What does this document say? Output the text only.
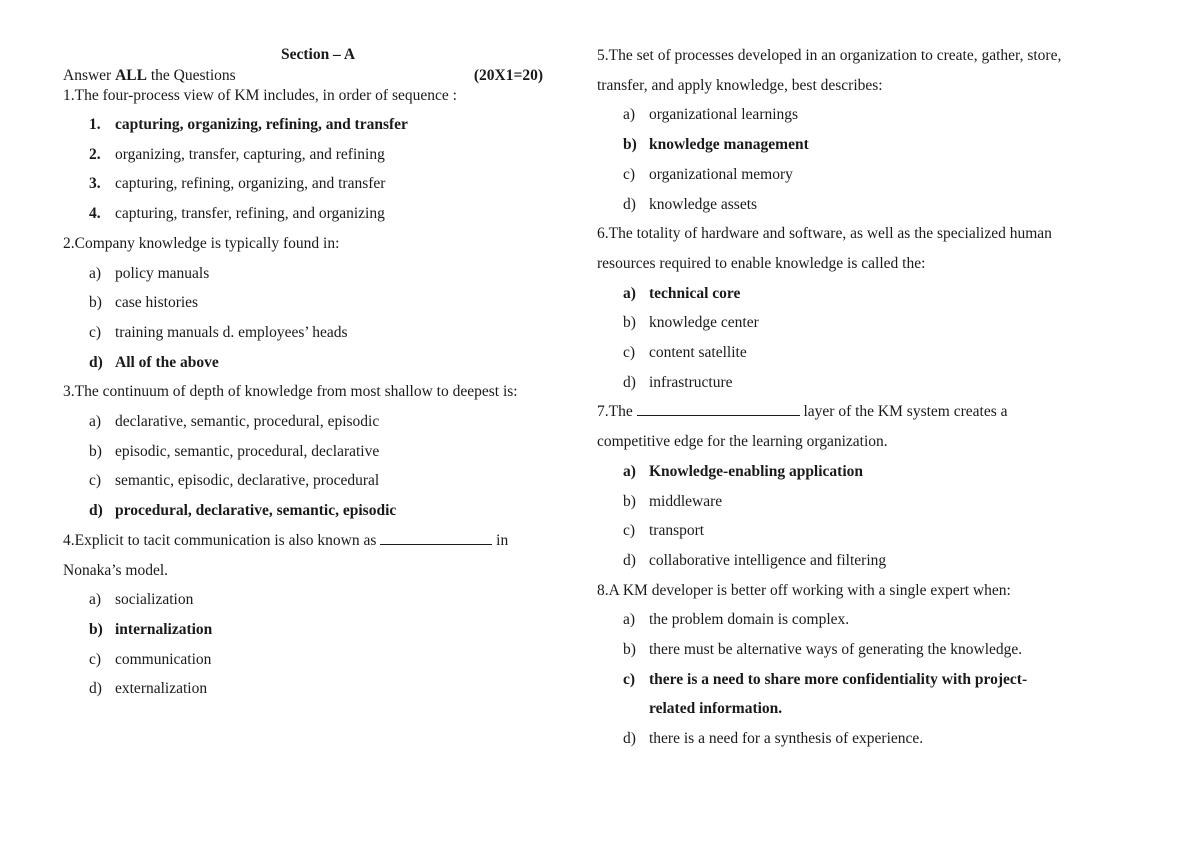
Section – A
Answer ALL the Questions	(20X1=20)
1.The four-process view of KM includes, in order of sequence :
1. capturing, organizing, refining, and transfer
2. organizing, transfer, capturing, and refining
3. capturing, refining, organizing, and transfer
4. capturing, transfer, refining, and organizing
2.Company knowledge is typically found in:
a) policy manuals
b) case histories
c) training manuals d. employees’ heads
d) All of the above
3.The continuum of depth of knowledge from most shallow to deepest is:
a) declarative, semantic, procedural, episodic
b) episodic, semantic, procedural, declarative
c) semantic, episodic, declarative, procedural
d) procedural, declarative, semantic, episodic
4.Explicit to tacit communication is also known as	in
Nonaka’s model.
a) socialization
b) internalization
c) communication
d) externalization
5.The set of processes developed in an organization to create, gather, store,
transfer, and apply knowledge, best describes:
a) organizational learnings
b) knowledge management
c) organizational memory
d) knowledge assets
6.The totality of hardware and software, as well as the specialized human
resources required to enable knowledge is called the:
a) technical core
b) knowledge center
c) content satellite
d) infrastructure
7.The	layer of the KM system creates a
competitive edge for the learning organization.
a) Knowledge-enabling application
b) middleware
c) transport
d) collaborative intelligence and filtering
8.A KM developer is better off working with a single expert when:
a) the problem domain is complex.
b) there must be alternative ways of generating the knowledge.
c) there is a need to share more confidentiality with project-related information.
d) there is a need for a synthesis of experience.
